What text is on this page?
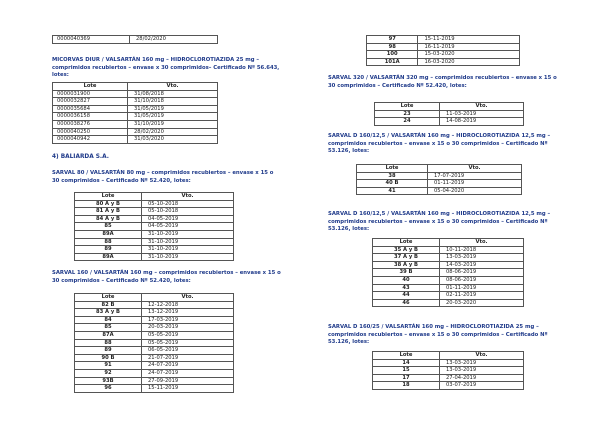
0000040369	28/02/2020

MICORVAS DIUR / VALSARTÁN 160 mg – HIDROCLOROTIAZIDA 25 mg – comprimidos recubiertos – envase x 30 comprimidos– Certificado Nº 56.643, lotes:

Lote	Vto.
0000031900	31/08/2018
0000032827	31/10/2018
0000035684	31/05/2019
0000036158	31/05/2019
0000038276	31/10/2019
0000040250	28/02/2020
0000040942	31/03/2020
4) BALIARDA S.A.

SARVAL 80 / VALSARTÁN 80 mg – comprimidos recubiertos – envase x 15 o 30 comprimidos – Certificado Nº 52.420, lotes:

Lote	Vto.
80 A y B	05-10-2018
81 A y B	05-10-2018
84 A y B	04-05-2019
85	04-05-2019
89A	31-10-2019
88	31-10-2019
89	31-10-2019
89A	31-10-2019

SARVAL 160 / VALSARTÁN 160 mg – comprimidos recubiertos – envase x 15 o 30 comprimidos – Certificado Nº 52.420, lotes:

Lote	Vto.
82 B	12-12-2018
83 A y B	13-12-2019
84	17-03-2019
85	20-03-2019
87A	05-05-2019
88	05-05-2019
89	06-05-2019
90 B	21-07-2019
91	24-07-2019
92	24-07-2019
93B	27-09-2019
96	15-11-2019
97	15-11-2019
98	16-11-2019
100	15-03-2020
101A	16-03-2020

SARVAL 320 / VALSARTÁN 320 mg – comprimidos recubiertos – envase x 15 o 30 comprimidos – Certificado Nº 52.420, lotes:

Lote	Vto.
23	11-03-2019
24	14-08-2019

SARVAL D 160/12,5 / VALSARTÁN 160 mg – HIDROCLOROTIAZIDA 12,5 mg – comprimidos recubiertos – envase x 15 o 30 comprimidos – Certificado Nº 53.126, lotes:

Lote	Vto.
38	17-07-2019
40 B	01-11-2019
41	05-04-2020

SARVAL D 160/12,5 / VALSARTÁN 160 mg – HIDROCLOROTIAZIDA 12,5 mg – comprimidos recubiertos – envase x 15 o 30 comprimidos – Certificado Nº 53.126, lotes:

Lote	Vto.
35 A y B	10-11-2018
37 A y B	13-03-2019
38 A y B	14-03-2019
39 B	08-06-2019
40	08-06-2019
43	01-11-2019
44	02-11-2019
46	20-03-2020

SARVAL D 160/25 / VALSARTÁN 160 mg – HIDROCLOROTIAZIDA 25 mg – comprimidos recubiertos – envase x 15 o 30 comprimidos – Certificado Nº 53.126, lotes:

Lote	Vto.
14	13-03-2019
15	13-03-2019
17	27-04-2019
18	03-07-2019
